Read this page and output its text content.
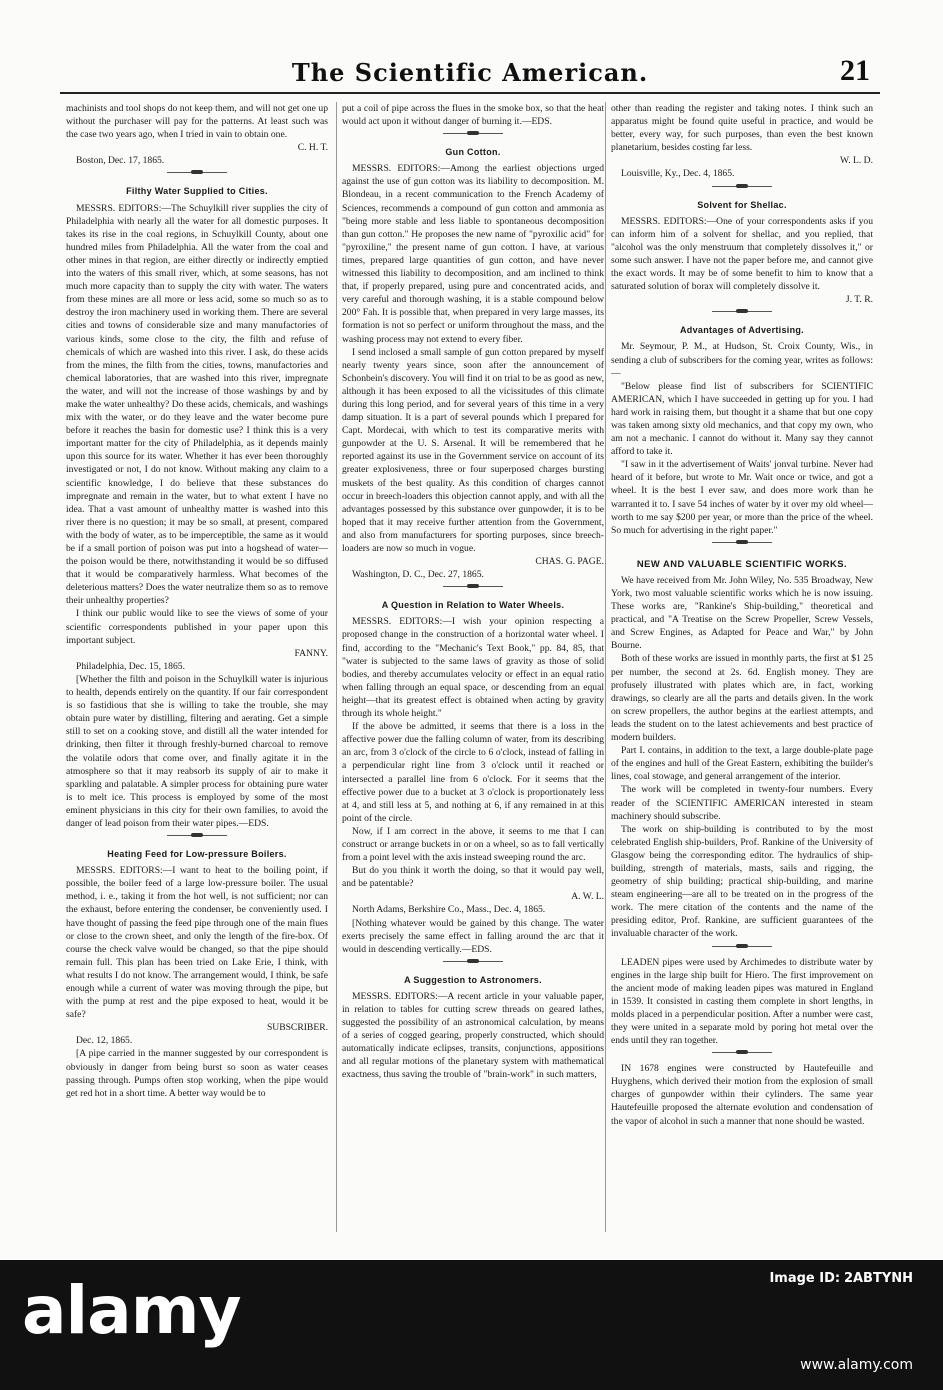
The Scientific American.	21

machinists and tool shops do not keep them, and will not get one up without the purchaser will pay for the patterns. At least such was the case two years ago, when I tried in vain to obtain one.

C. H. T.

Boston, Dec. 17, 1865.

Filthy Water Supplied to Cities.

MESSRS. EDITORS:—The Schuylkill river supplies the city of Philadelphia with nearly all the water for all domestic purposes. It takes its rise in the coal regions, in Schuylkill County, about one hundred miles from Philadelphia. All the water from the coal and other mines in that region, are either directly or indirectly emptied into the waters of this small river, which, at some seasons, has not much more capacity than to supply the city with water. The waters from these mines are all more or less acid, some so much so as to destroy the iron machinery used in working them. There are several cities and towns of considerable size and many manufactories of various kinds, some close to the city, the filth and refuse of chemicals of which are washed into this river. I ask, do these acids from the mines, the filth from the cities, towns, manufactories and chemical laboratories, that are washed into this river, impregnate the water, and will not the increase of those washings by and by make the water unhealthy? Do these acids, chemicals, and washings mix with the water, or do they leave and the water become pure before it reaches the basin for domestic use? I think this is a very important matter for the city of Philadelphia, as it depends mainly upon this source for its water. Whether it has ever been thoroughly investigated or not, I do not know. Without making any claim to a scientific knowledge, I do believe that these substances do impregnate and remain in the water, but to what extent I have no idea. That a vast amount of unhealthy matter is washed into this river there is no question; it may be so small, at present, compared with the body of water, as to be imperceptible, the same as it would be if a small portion of poison was put into a hogshead of water—the poison would be there, notwithstanding it would be so diffused that it would be comparatively harmless. What becomes of the deleterious matters? Does the water neutralize them so as to remove their unhealthy properties?

I think our public would like to see the views of some of your scientific correspondents published in your paper upon this important subject.

FANNY.

Philadelphia, Dec. 15, 1865.

[Whether the filth and poison in the Schuylkill water is injurious to health, depends entirely on the quantity. If our fair correspondent is so fastidious that she is willing to take the trouble, she may obtain pure water by distilling, filtering and aerating. Get a simple still to set on a cooking stove, and distill all the water intended for drinking, then filter it through freshly-burned charcoal to remove the volatile odors that come over, and finally agitate it in the atmosphere so that it may reabsorb its supply of air to make it sparkling and palatable. A simpler process for obtaining pure water is to melt ice. This process is employed by some of the most eminent physicians in this city for their own families, to avoid the danger of lead poison from their water pipes.—EDS.

Heating Feed for Low-pressure Boilers.

MESSRS. EDITORS:—I want to heat to the boiling point, if possible, the boiler feed of a large low-pressure boiler. The usual method, i. e., taking it from the hot well, is not sufficient; nor can the exhaust, before entering the condenser, be conveniently used. I have thought of passing the feed pipe through one of the main flues or close to the crown sheet, and only the length of the fire-box. Of course the check valve would be changed, so that the pipe should remain full. This plan has been tried on Lake Erie, I think, with what results I do not know. The arrangement would, I think, be safe enough while a current of water was moving through the pipe, but with the pump at rest and the pipe exposed to heat, would it be safe?

SUBSCRIBER.

Dec. 12, 1865.

[A pipe carried in the manner suggested by our correspondent is obviously in danger from being burst so soon as water ceases passing through. Pumps often stop working, when the pipe would get red hot in a short time. A better way would be to

put a coil of pipe across the flues in the smoke box, so that the heat would act upon it without danger of burning it.—EDS.

Gun Cotton.

MESSRS. EDITORS:—Among the earliest objections urged against the use of gun cotton was its liability to decomposition. M. Blondeau, in a recent communication to the French Academy of Sciences, recommends a compound of gun cotton and ammonia as "being more stable and less liable to spontaneous decomposition than gun cotton." He proposes the new name of "pyroxilic acid" for "pyroxiline," the present name of gun cotton. I have, at various times, prepared large quantities of gun cotton, and have never witnessed this liability to decomposition, and am inclined to think that, if properly prepared, using pure and concentrated acids, and very careful and thorough washing, it is a stable compound below 200° Fah. It is possible that, when prepared in very large masses, its formation is not so perfect or uniform throughout the mass, and the washing process may not extend to every fiber.

I send inclosed a small sample of gun cotton prepared by myself nearly twenty years since, soon after the announcement of Schonbein's discovery. You will find it on trial to be as good as new, although it has been exposed to all the vicissitudes of this climate during this long period, and for several years of this time in a very damp situation. It is a part of several pounds which I prepared for Capt. Mordecai, with which to test its comparative merits with gunpowder at the U. S. Arsenal. It will be remembered that he reported against its use in the Government service on account of its greater explosiveness, three or four superposed charges bursting muskets of the best quality. As this condition of charges cannot occur in breech-loaders this objection cannot apply, and with all the advantages possessed by this substance over gunpowder, it is to be hoped that it may receive further attention from the Government, and also from manufacturers for sporting purposes, since breech-loaders are now so much in vogue.

CHAS. G. PAGE.

Washington, D. C., Dec. 27, 1865.

A Question in Relation to Water Wheels.

MESSRS. EDITORS:—I wish your opinion respecting a proposed change in the construction of a horizontal water wheel. I find, according to the "Mechanic's Text Book," pp. 84, 85, that "water is subjected to the same laws of gravity as those of solid bodies, and thereby accumulates velocity or effect in an equal ratio when falling through an equal space, or descending from an equal height—that its greatest effect is obtained when acting by gravity through its whole height."

If the above be admitted, it seems that there is a loss in the affective power due the falling column of water, from its describing an arc, from 3 o'clock of the circle to 6 o'clock, instead of falling in a perpendicular right line from 3 o'clock until it reached or intersected a parallel line from 6 o'clock. For it seems that the effective power due to a bucket at 3 o'clock is proportionately less at 4, and still less at 5, and nothing at 6, if any remained in at this point of the circle.

Now, if I am correct in the above, it seems to me that I can construct or arrange buckets in or on a wheel, so as to fall vertically from a point level with the axis instead sweeping round the arc.

But do you think it worth the doing, so that it would pay well, and be patentable?

A. W. L.

North Adams, Berkshire Co., Mass., Dec. 4, 1865.

[Nothing whatever would be gained by this change. The water exerts precisely the same effect in falling around the arc that it would in descending vertically.—EDS.

A Suggestion to Astronomers.

MESSRS. EDITORS:—A recent article in your valuable paper, in relation to tables for cutting screw threads on geared lathes, suggested the possibility of an astronomical calculation, by means of a series of cogged gearing, properly constructed, which should automatically indicate eclipses, transits, conjunctions, appositions and all regular motions of the planetary system with mathematical exactness, thus saving the trouble of "brain-work" in such matters,

other than reading the register and taking notes. I think such an apparatus might be found quite useful in practice, and would be better, every way, for such purposes, than even the best known planetarium, besides costing far less.

W. L. D.

Louisville, Ky., Dec. 4, 1865.

Solvent for Shellac.

MESSRS. EDITORS:—One of your correspondents asks if you can inform him of a solvent for shellac, and you replied, that "alcohol was the only menstruum that completely dissolves it," or some such answer. I have not the paper before me, and cannot give the exact words. It may be of some benefit to him to know that a saturated solution of borax will completely dissolve it.

J. T. R.

Advantages of Advertising.

Mr. Seymour, P. M., at Hudson, St. Croix County, Wis., in sending a club of subscribers for the coming year, writes as follows:—

"Below please find list of subscribers for SCIENTIFIC AMERICAN, which I have succeeded in getting up for you. I had hard work in raising them, but thought it a shame that but one copy was taken among sixty old mechanics, and that copy my own, who am not a mechanic. I cannot do without it. Many say they cannot afford to take it.

"I saw in it the advertisement of Waits' jonval turbine. Never had heard of it before, but wrote to Mr. Wait once or twice, and got a wheel. It is the best I ever saw, and does more work than he warranted it to. I save 54 inches of water by it over my old wheel—worth to me say $200 per year, or more than the price of the wheel. So much for advertising in the right paper."

NEW AND VALUABLE SCIENTIFIC WORKS.

We have received from Mr. John Wiley, No. 535 Broadway, New York, two most valuable scientific works which he is now issuing. These works are, "Rankine's Ship-building," theoretical and practical, and "A Treatise on the Screw Propeller, Screw Vessels, and Screw Engines, as Adapted for Peace and War," by John Bourne.

Both of these works are issued in monthly parts, the first at $1 25 per number, the second at 2s. 6d. English money. They are profusely illustrated with plates which are, in fact, working drawings, so clearly are all the parts and details given. In the work on screw propellers, the author begins at the earliest attempts, and leads the student on to the latest achievements and best practice of modern builders.

Part I. contains, in addition to the text, a large double-plate page of the engines and hull of the Great Eastern, exhibiting the builder's lines, coal stowage, and general arrangement of the interior.

The work will be completed in twenty-four numbers. Every reader of the SCIENTIFIC AMERICAN interested in steam machinery should subscribe.

The work on ship-building is contributed to by the most celebrated English ship-builders, Prof. Rankine of the University of Glasgow being the corresponding editor. The hydraulics of ship-building, strength of materials, masts, sails and rigging, the geometry of ship building; practical ship-building, and marine steam engineering—are all to be treated on in the progress of the work. The mere citation of the contents and the name of the presiding editor, Prof. Rankine, are sufficient guarantees of the invaluable character of the work.

LEADEN pipes were used by Archimedes to distribute water by engines in the large ship built for Hiero. The first improvement on the ancient mode of making leaden pipes was matured in England in 1539. It consisted in casting them complete in short lengths, in molds placed in a perpendicular position. After a number were cast, they were united in a separate mold by poring hot metal over the ends until they ran together.

IN 1678 engines were constructed by Hautefeuille and Huyghens, which derived their motion from the explosion of small charges of gunpowder within their cylinders. The same year Hautefeuille proposed the alternate evolution and condensation of the vapor of alcohol in such a manner that none should be wasted.

alamy	Image ID: 2ABTYNH
www.alamy.com
